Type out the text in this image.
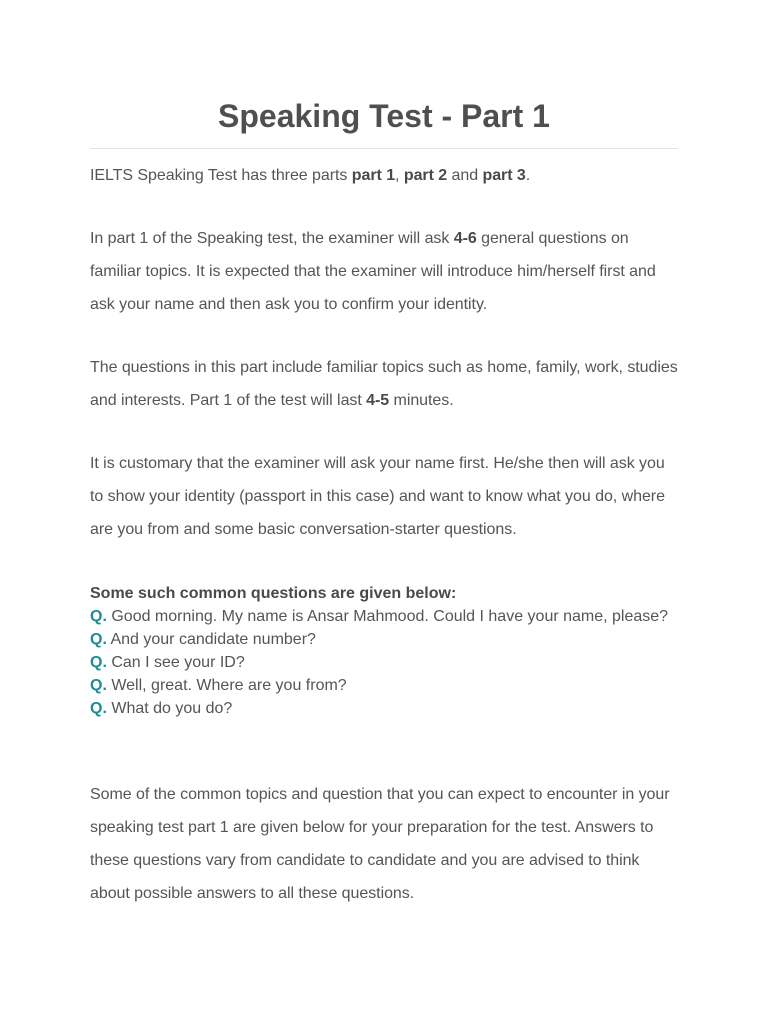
Speaking Test - Part 1

IELTS Speaking Test has three parts part 1, part 2 and part 3.

In part 1 of the Speaking test, the examiner will ask 4-6 general questions on familiar topics. It is expected that the examiner will introduce him/herself first and ask your name and then ask you to confirm your identity.

The questions in this part include familiar topics such as home, family, work, studies and interests. Part 1 of the test will last 4-5 minutes.

It is customary that the examiner will ask your name first. He/she then will ask you to show your identity (passport in this case) and want to know what you do, where are you from and some basic conversation-starter questions.

Some such common questions are given below:
Q. Good morning. My name is Ansar Mahmood. Could I have your name, please?
Q. And your candidate number?
Q. Can I see your ID?
Q. Well, great. Where are you from?
Q. What do you do?

Some of the common topics and question that you can expect to encounter in your speaking test part 1 are given below for your preparation for the test. Answers to these questions vary from candidate to candidate and you are advised to think about possible answers to all these questions.
